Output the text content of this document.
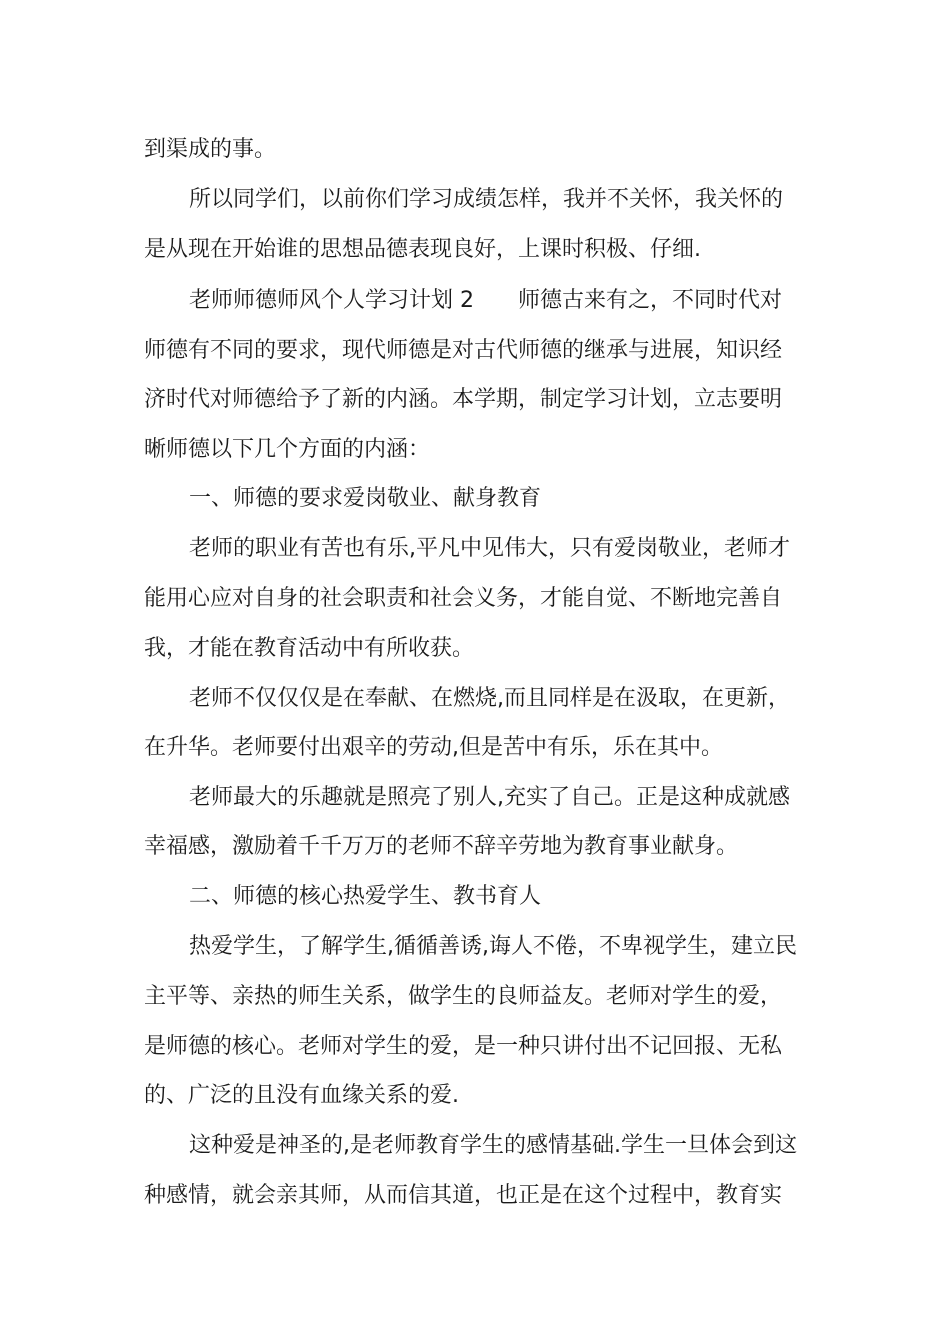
到渠成的事。
所以同学们，以前你们学习成绩怎样，我并不关怀，我关怀的
是从现在开始谁的思想品德表现良好，上课时积极、仔细.
老师师德师风个人学习计划 2　　师德古来有之，不同时代对
师德有不同的要求，现代师德是对古代师德的继承与进展，知识经
济时代对师德给予了新的内涵。本学期，制定学习计划，立志要明
晰师德以下几个方面的内涵：
一、师德的要求爱岗敬业、献身教育
老师的职业有苦也有乐,平凡中见伟大，只有爱岗敬业，老师才
能用心应对自身的社会职责和社会义务，才能自觉、不断地完善自
我，才能在教育活动中有所收获。
老师不仅仅仅是在奉献、在燃烧,而且同样是在汲取，在更新，
在升华。老师要付出艰辛的劳动,但是苦中有乐，乐在其中。
老师最大的乐趣就是照亮了别人,充实了自己。正是这种成就感
幸福感，激励着千千万万的老师不辞辛劳地为教育事业献身。
二、师德的核心热爱学生、教书育人
热爱学生，了解学生,循循善诱,诲人不倦，不卑视学生，建立民
主平等、亲热的师生关系，做学生的良师益友。老师对学生的爱，
是师德的核心。老师对学生的爱，是一种只讲付出不记回报、无私
的、广泛的且没有血缘关系的爱.
这种爱是神圣的,是老师教育学生的感情基础.学生一旦体会到这
种感情，就会亲其师，从而信其道，也正是在这个过程中，教育实
